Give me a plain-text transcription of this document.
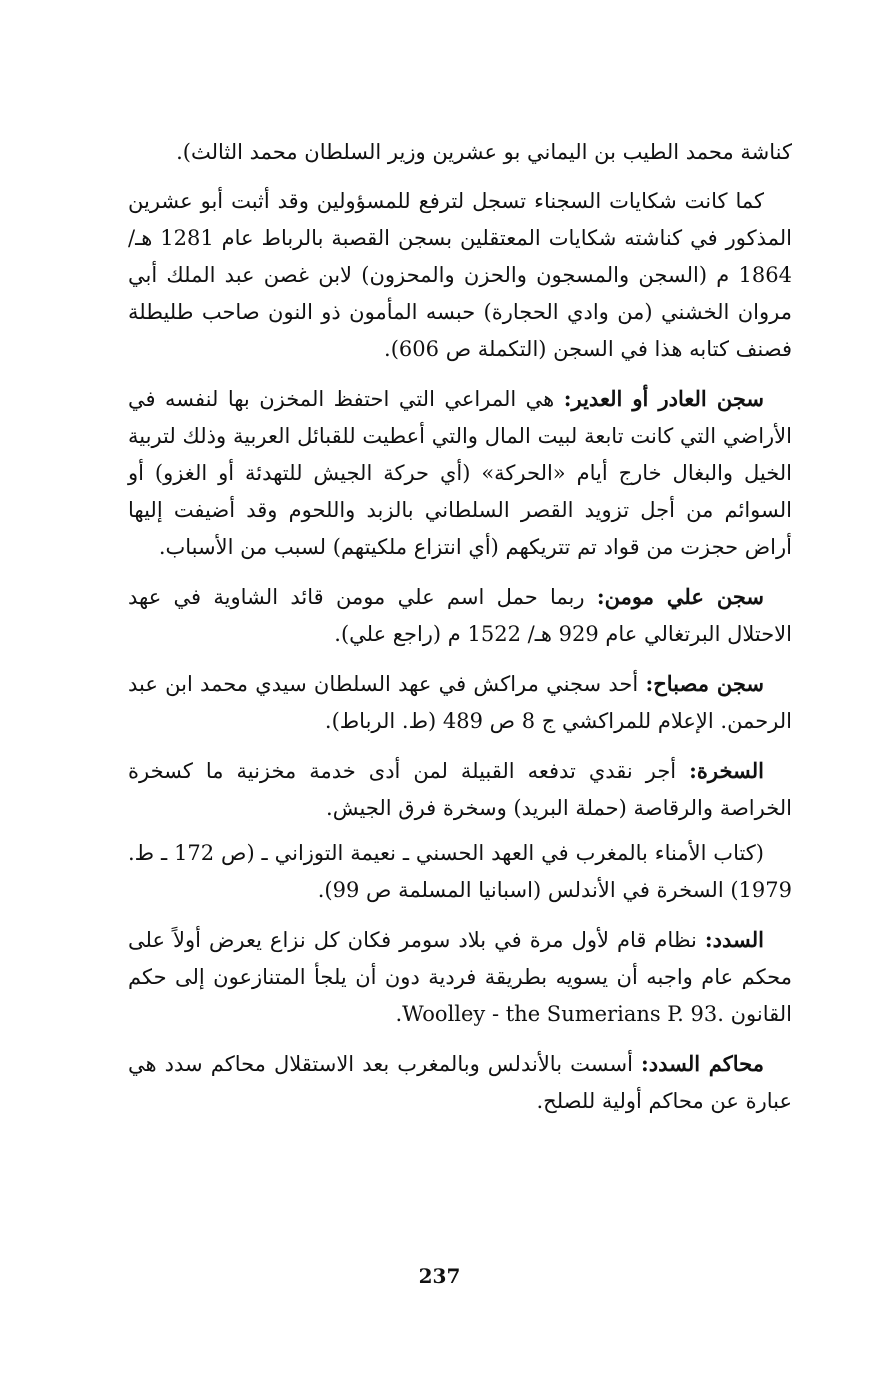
كناشة محمد الطيب بن اليماني بو عشرين وزير السلطان محمد الثالث).

كما كانت شكايات السجناء تسجل لترفع للمسؤولين وقد أثبت أبو عشرين المذكور في كناشته شكايات المعتقلين بسجن القصبة بالرباط عام 1281 هـ/ 1864 م (السجن والمسجون والحزن والمحزون) لابن غصن عبد الملك أبي مروان الخشني (من وادي الحجارة) حبسه المأمون ذو النون صاحب طليطلة فصنف كتابه هذا في السجن (التكملة ص 606).

سجن العادر أو العدير: هي المراعي التي احتفظ المخزن بها لنفسه في الأراضي التي كانت تابعة لبيت المال والتي أعطيت للقبائل العربية وذلك لتربية الخيل والبغال خارج أيام «الحركة» (أي حركة الجيش للتهدئة أو الغزو) أو السوائم من أجل تزويد القصر السلطاني بالزبد واللحوم وقد أضيفت إليها أراض حجزت من قواد تم تتريكهم (أي انتزاع ملكيتهم) لسبب من الأسباب.

سجن علي مومن: ربما حمل اسم علي مومن قائد الشاوية في عهد الاحتلال البرتغالي عام 929 هـ/ 1522 م (راجع علي).

سجن مصباح: أحد سجني مراكش في عهد السلطان سيدي محمد ابن عبد الرحمن. الإعلام للمراكشي ج 8 ص 489 (ط. الرباط).

السخرة: أجر نقدي تدفعه القبيلة لمن أدى خدمة مخزنية ما كسخرة الخراصة والرقاصة (حملة البريد) وسخرة فرق الجيش.

(كتاب الأمناء بالمغرب في العهد الحسني ـ نعيمة التوزاني ـ (ص 172 ـ ط. 1979) السخرة في الأندلس (اسبانيا المسلمة ص 99).

السدد: نظام قام لأول مرة في بلاد سومر فكان كل نزاع يعرض أولاً على محكم عام واجبه أن يسويه بطريقة فردية دون أن يلجأ المتنازعون إلى حكم القانون .Woolley - the Sumerians P. 93.

محاكم السدد: أسست بالأندلس وبالمغرب بعد الاستقلال محاكم سدد هي عبارة عن محاكم أولية للصلح.

237
